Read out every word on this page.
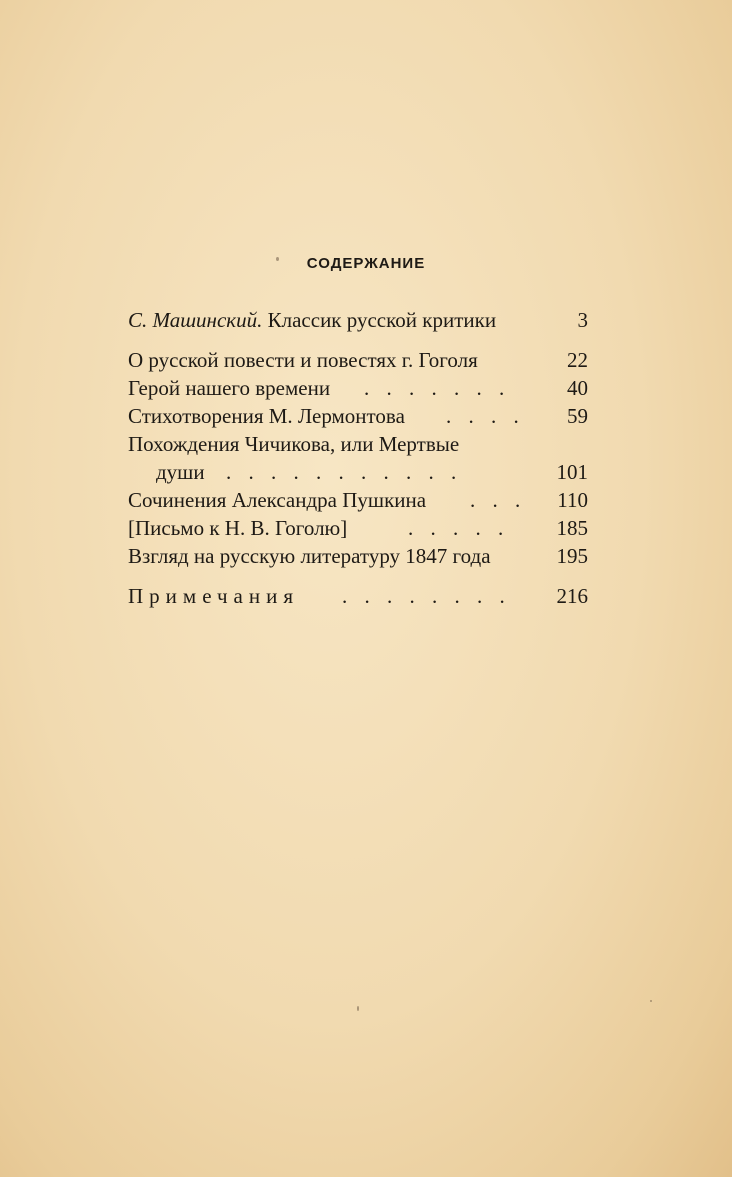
СОДЕРЖАНИЕ
С. Машинский. Классик русской критики	3
О русской повести и повестях г. Гоголя	22
Герой нашего времени . . . . . . .	40
Стихотворения М. Лермонтова . . . . 59
Похождения Чичикова, или Мертвые
души . . . . . . . . . . .	101
Сочинения Александра Пушкина . . . 110
[Письмо к Н. В. Гоголю]	. . . . . 185
Взгляд на русскую литературу 1847 года	195
Примечания . . . . . . . . 216
